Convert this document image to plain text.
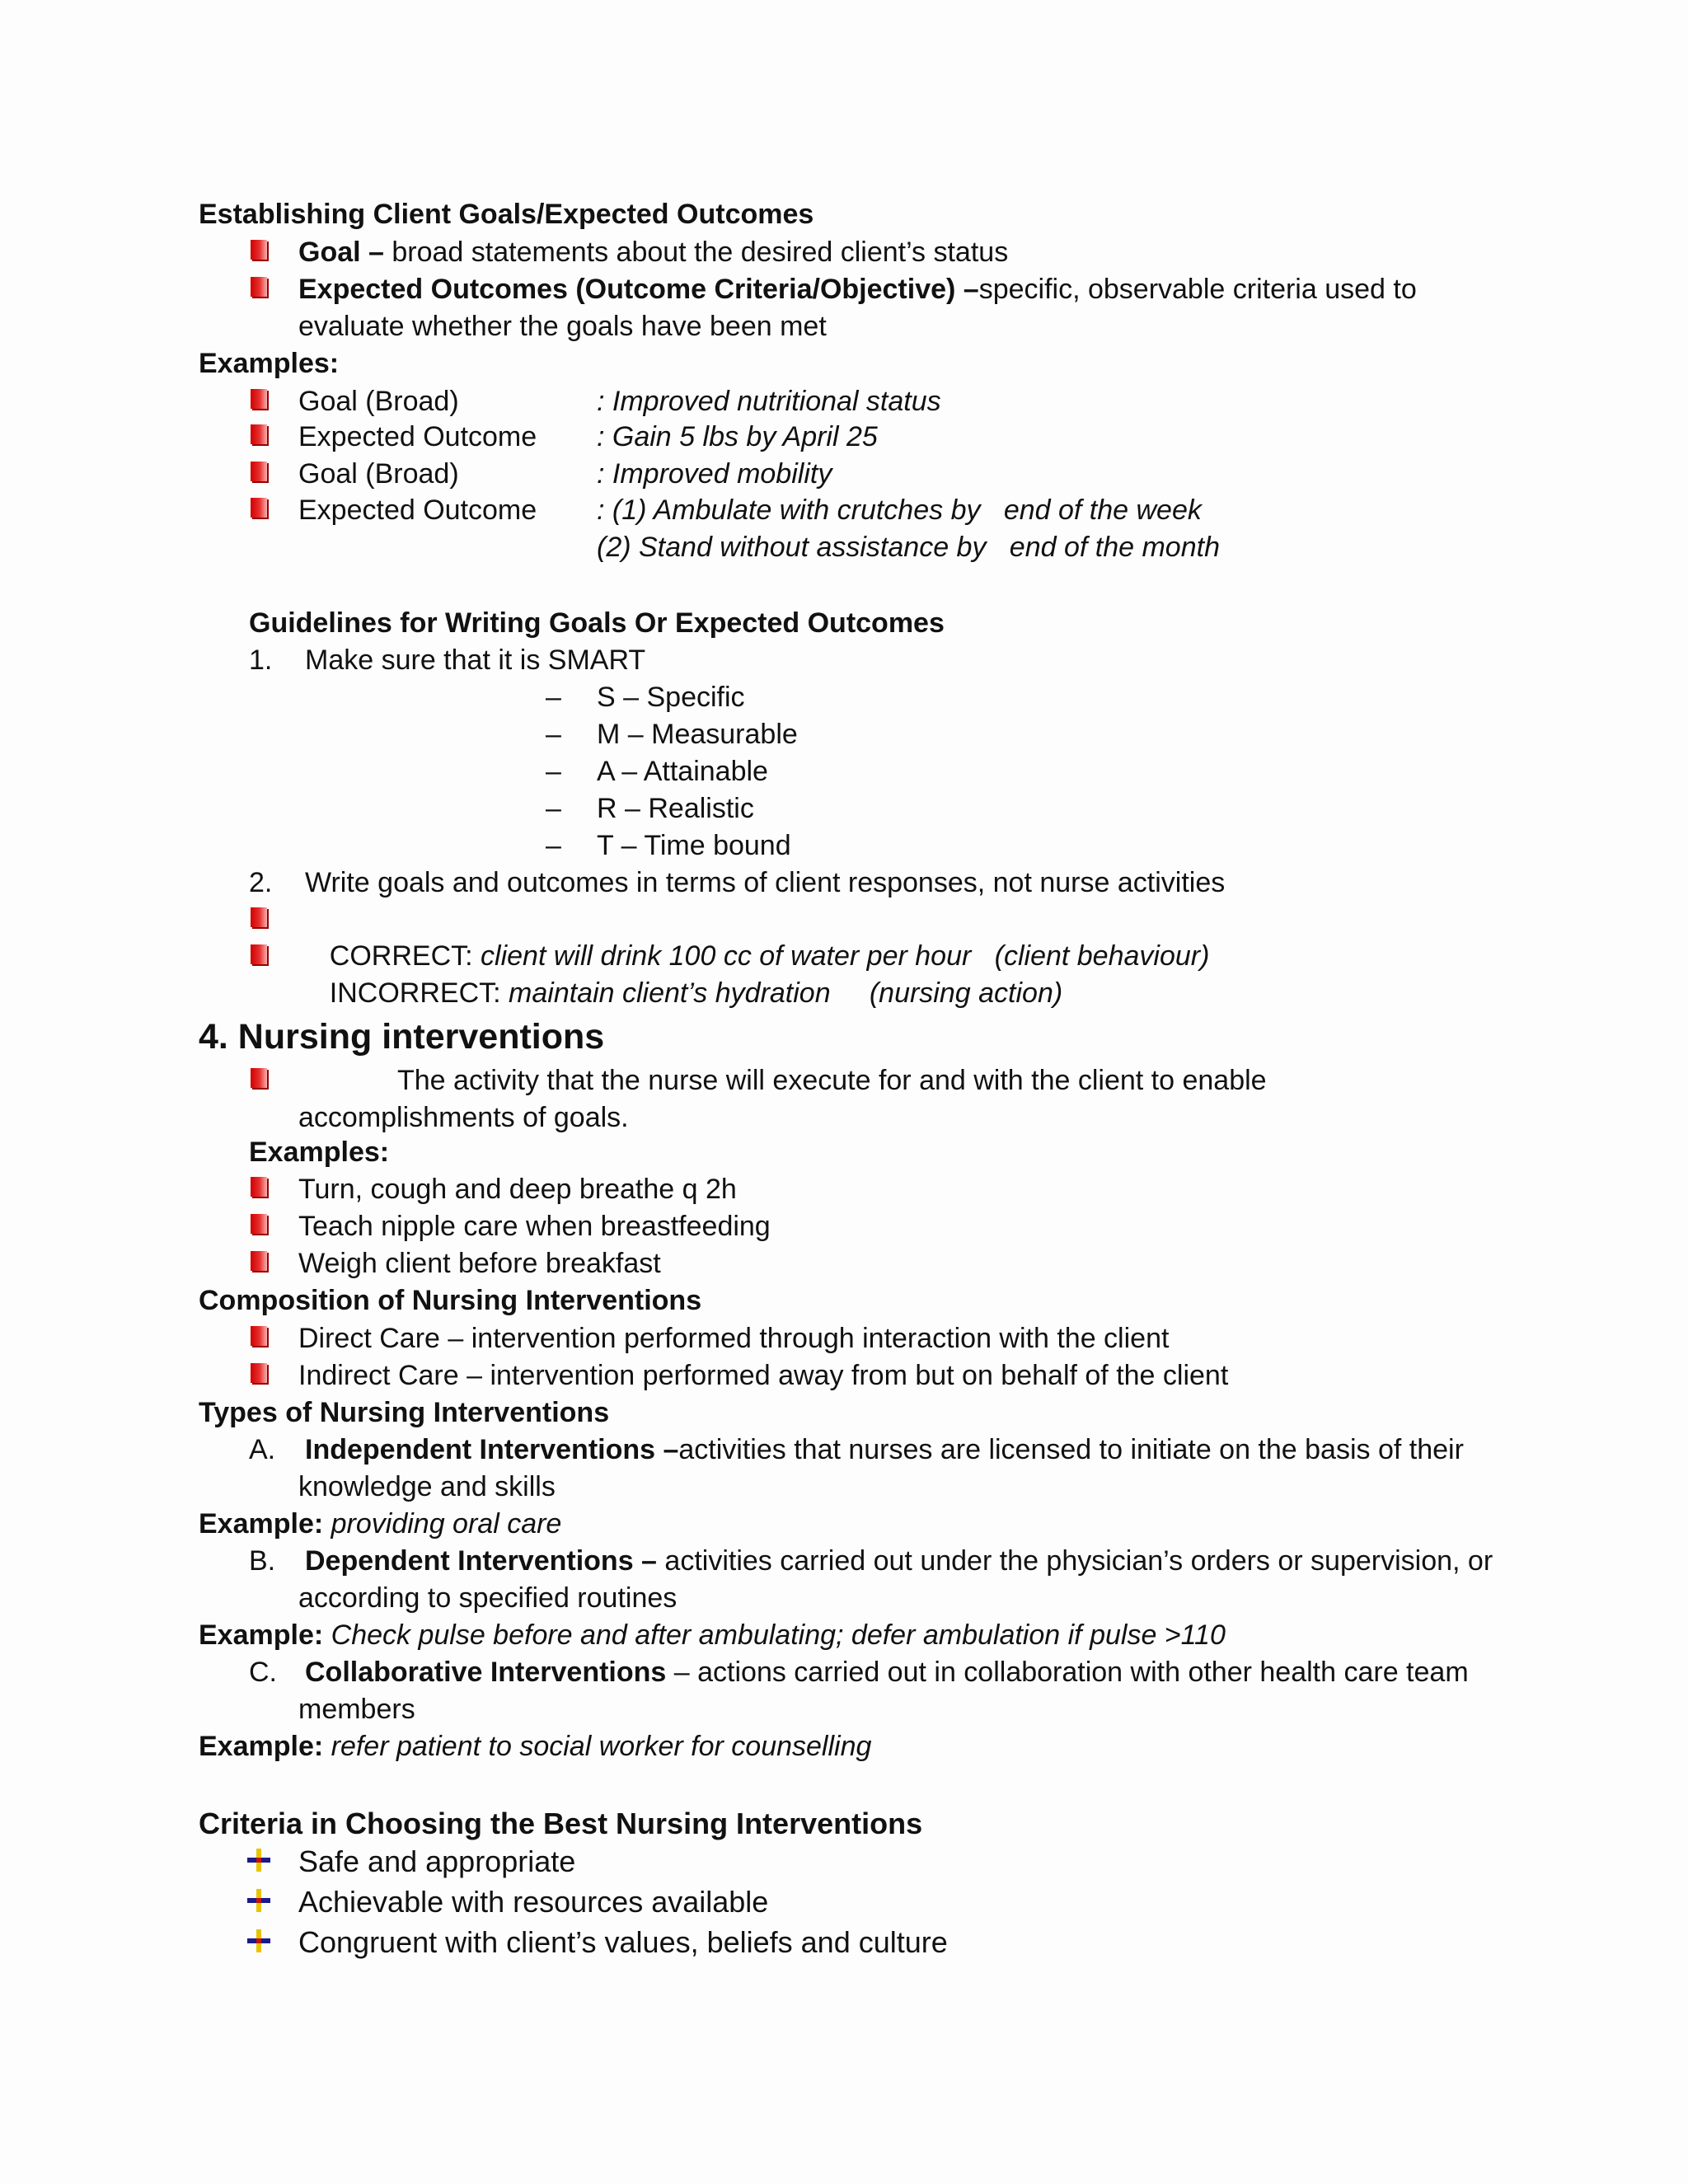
Establishing Client Goals/Expected Outcomes
Goal – broad statements about the desired client’s status
Expected Outcomes (Outcome Criteria/Objective) –specific, observable criteria used to
evaluate whether the goals have been met
Examples:
Goal (Broad)	: Improved nutritional status
Expected Outcome : Gain 5 lbs by April 25
Goal (Broad)	: Improved mobility
Expected Outcome : (1) Ambulate with crutches by   end of the week
(2) Stand without assistance by   end of the month
Guidelines for Writing Goals Or Expected Outcomes
1. Make sure that it is SMART
– S – Specific
– M – Measurable
– A – Attainable
– R – Realistic
– T – Time bound
2. Write goals and outcomes in terms of client responses, not nurse activities

CORRECT: client will drink 100 cc of water per hour   (client behaviour)

INCORRECT: maintain client’s hydration     (nursing action)

4. Nursing interventions
The activity that the nurse will execute for and with the client to enable
accomplishments of goals.
Examples:
Turn, cough and deep breathe q 2h
Teach nipple care when breastfeeding
Weigh client before breakfast
Composition of Nursing Interventions
Direct Care – intervention performed through interaction with the client
Indirect Care – intervention performed away from but on behalf of the client
Types of Nursing Interventions
A. Independent Interventions –activities that nurses are licensed to initiate on the basis of their
knowledge and skills
Example: providing oral care
B. Dependent Interventions – activities carried out under the physician’s orders or supervision, or
according to specified routines
Example: Check pulse before and after ambulating; defer ambulation if pulse >110
C. Collaborative Interventions – actions carried out in collaboration with other health care team
members
Example: refer patient to social worker for counselling
Criteria in Choosing the Best Nursing Interventions
Safe and appropriate
Achievable with resources available
Congruent with client’s values, beliefs and culture
